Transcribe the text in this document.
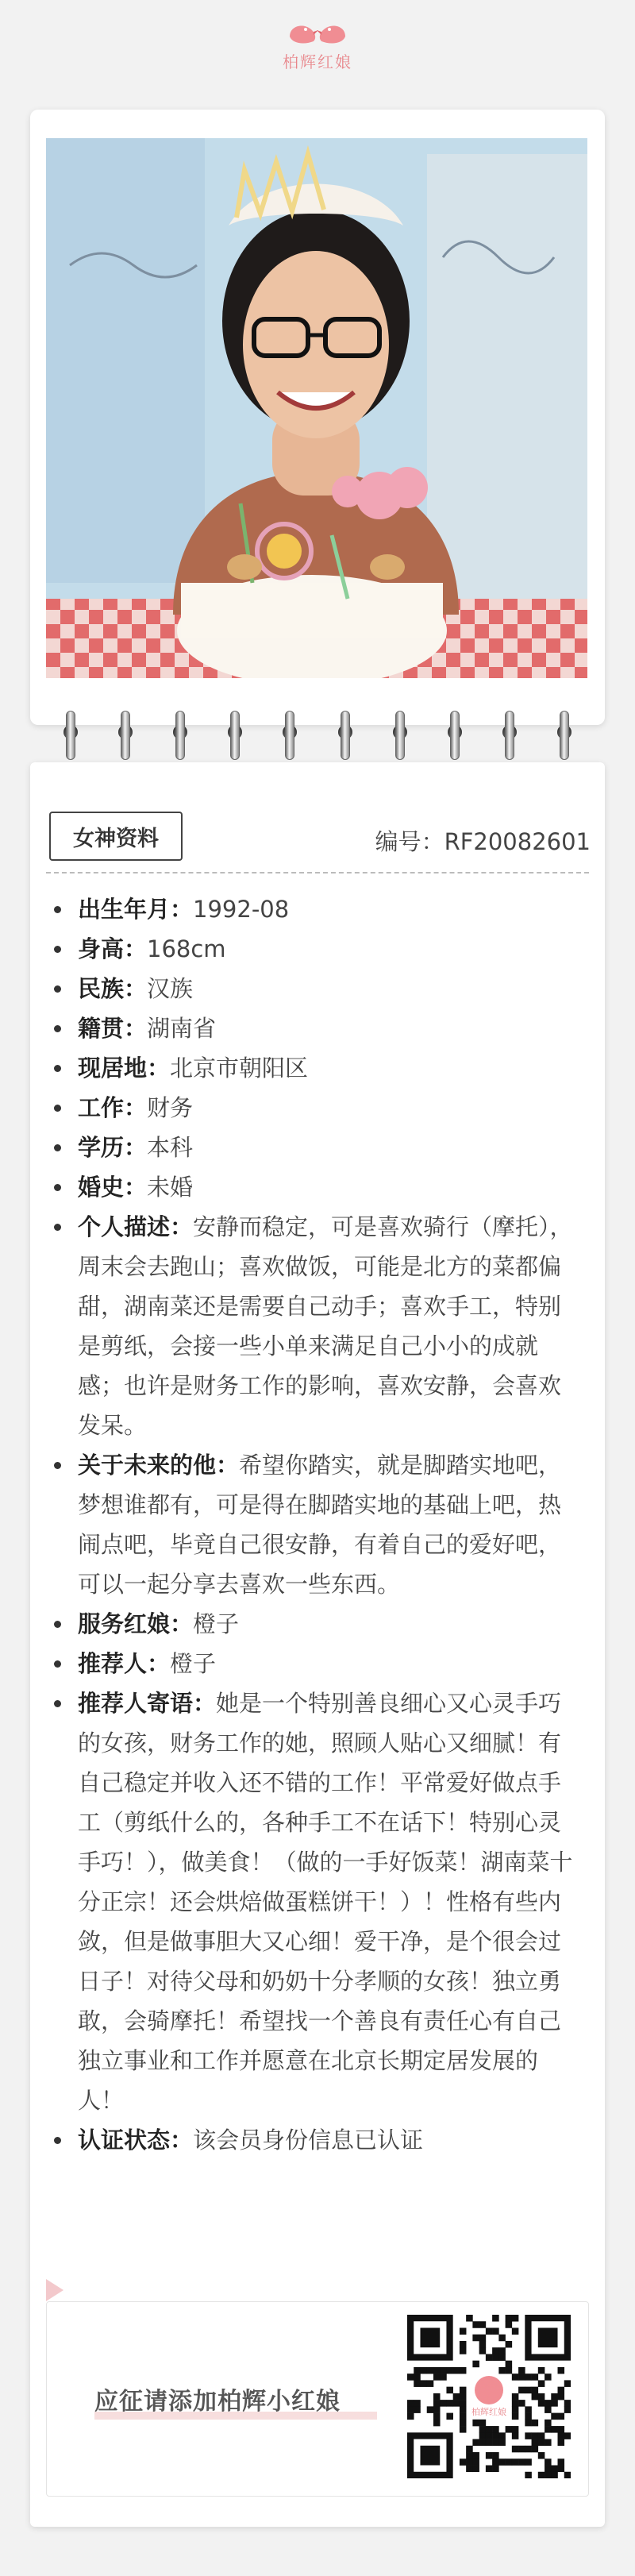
柏辉红娘
女神资料	编号：RF20082601
出生年月：1992-08
身高：168cm
民族：汉族
籍贯：湖南省
现居地：北京市朝阳区
工作：财务
学历：本科
婚史：未婚
个人描述：安静而稳定，可是喜欢骑行（摩托），周末会去跑山；喜欢做饭，可能是北方的菜都偏甜，湖南菜还是需要自己动手；喜欢手工，特别是剪纸，会接一些小单来满足自己小小的成就感；也许是财务工作的影响，喜欢安静，会喜欢发呆。
关于未来的他：希望你踏实，就是脚踏实地吧，梦想谁都有，可是得在脚踏实地的基础上吧，热闹点吧，毕竟自己很安静，有着自己的爱好吧，可以一起分享去喜欢一些东西。
服务红娘：橙子
推荐人：橙子
推荐人寄语：她是一个特别善良细心又心灵手巧的女孩，财务工作的她，照顾人贴心又细腻！有自己稳定并收入还不错的工作！平常爱好做点手工（剪纸什么的，各种手工不在话下！特别心灵手巧！），做美食！（做的一手好饭菜！湖南菜十分正宗！还会烘焙做蛋糕饼干！）！性格有些内敛，但是做事胆大又心细！爱干净，是个很会过日子！对待父母和奶奶十分孝顺的女孩！独立勇敢，会骑摩托！希望找一个善良有责任心有自己独立事业和工作并愿意在北京长期定居发展的人！
认证状态：该会员身份信息已认证
应征请添加柏辉小红娘	柏辉红娘
